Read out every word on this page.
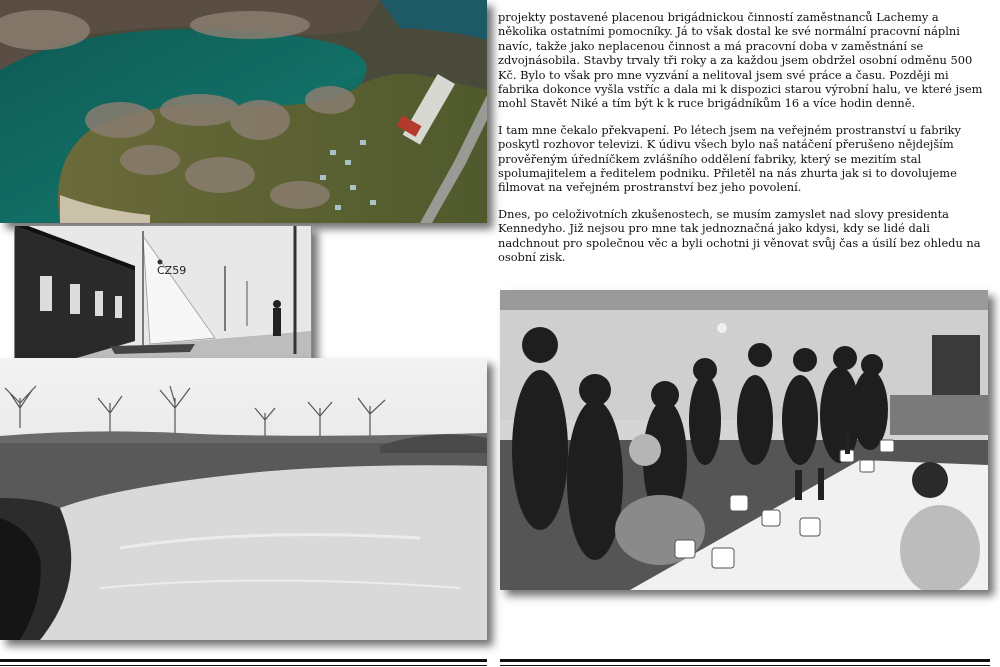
CZ59

projekty postavené placenou brigádnickou činností zaměstnanců Lachemy a několika ostatními pomocníky. Já to však dostal ke své normální pracovní náplni navíc, takže jako neplacenou činnost a má pracovní doba v zaměstnání se zdvojnásobila. Stavby trvaly tři roky a za každou jsem obdržel osobní odměnu 500 Kč. Bylo to však pro mne vyzvání a nelitoval jsem své práce a času. Později mi fabrika dokonce vyšla vstříc a dala mi k dispozici starou výrobní halu, ve které jsem mohl Stavět Niké a tím být k k ruce brigádníkům 16 a více hodin denně.

I tam mne čekalo překvapení. Po létech jsem na veřejném prostranství u fabriky poskytl rozhovor televizi. K údivu všech bylo naš natáčení přerušeno nějdejším prověřeným úředníčkem zvlášního oddělení fabriky, který se mezitím stal spolumajitelem a ředitelem podniku. Přiletěl na nás zhurta jak si to dovolujeme filmovat na veřejném prostranství bez jeho povolení.

Dnes, po celoživotních zkušenostech, se musím zamyslet nad slovy presidenta Kennedyho. Již nejsou pro mne tak jednoznačná jako kdysi, kdy se lidé dali nadchnout pro společnou věc a byli ochotni ji věnovat svůj čas a úsilí bez ohledu na osobní zisk.
